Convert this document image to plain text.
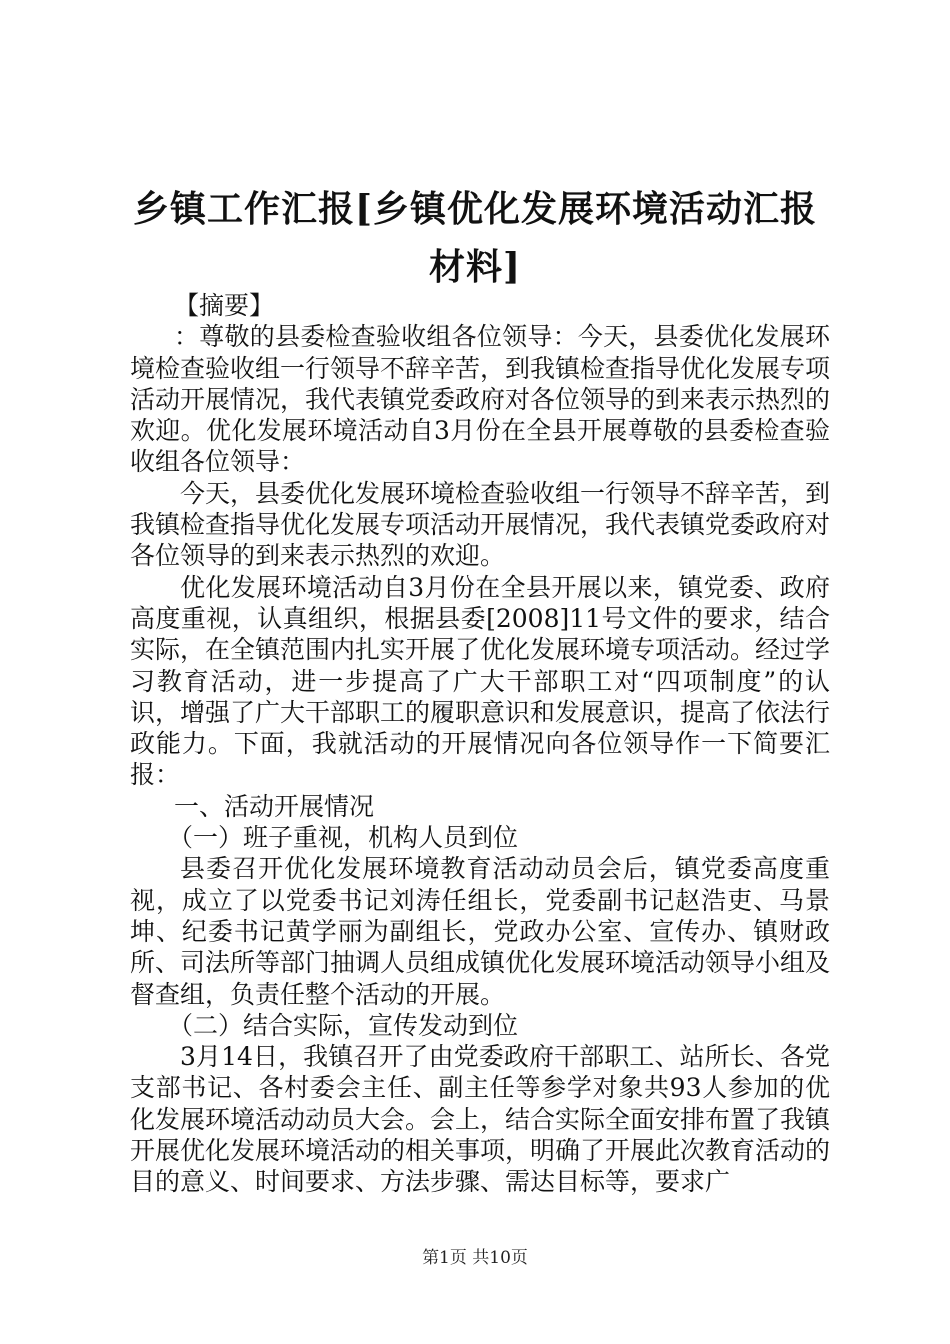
乡镇工作汇报[乡镇优化发展环境活动汇报材料]

【摘要】

：尊敬的县委检查验收组各位领导：今天，县委优化发展环境检查验收组一行领导不辞辛苦，到我镇检查指导优化发展专项活动开展情况，我代表镇党委政府对各位领导的到来表示热烈的欢迎。优化发展环境活动自3月份在全县开展尊敬的县委检查验收组各位领导：

今天，县委优化发展环境检查验收组一行领导不辞辛苦，到我镇检查指导优化发展专项活动开展情况，我代表镇党委政府对各位领导的到来表示热烈的欢迎。

优化发展环境活动自3月份在全县开展以来，镇党委、政府高度重视，认真组织，根据县委[2008]11号文件的要求，结合实际，在全镇范围内扎实开展了优化发展环境专项活动。经过学习教育活动，进一步提高了广大干部职工对“四项制度”的认识，增强了广大干部职工的履职意识和发展意识，提高了依法行政能力。下面，我就活动的开展情况向各位领导作一下简要汇报：

一、活动开展情况

（一）班子重视，机构人员到位

县委召开优化发展环境教育活动动员会后，镇党委高度重视，成立了以党委书记刘涛任组长，党委副书记赵浩吏、马景坤、纪委书记黄学丽为副组长，党政办公室、宣传办、镇财政所、司法所等部门抽调人员组成镇优化发展环境活动领导小组及督查组，负责任整个活动的开展。

（二）结合实际，宣传发动到位

3月14日，我镇召开了由党委政府干部职工、站所长、各党支部书记、各村委会主任、副主任等参学对象共93人参加的优化发展环境活动动员大会。会上，结合实际全面安排布置了我镇开展优化发展环境活动的相关事项，明确了开展此次教育活动的目的意义、时间要求、方法步骤、需达目标等，要求广

第1页 共10页
